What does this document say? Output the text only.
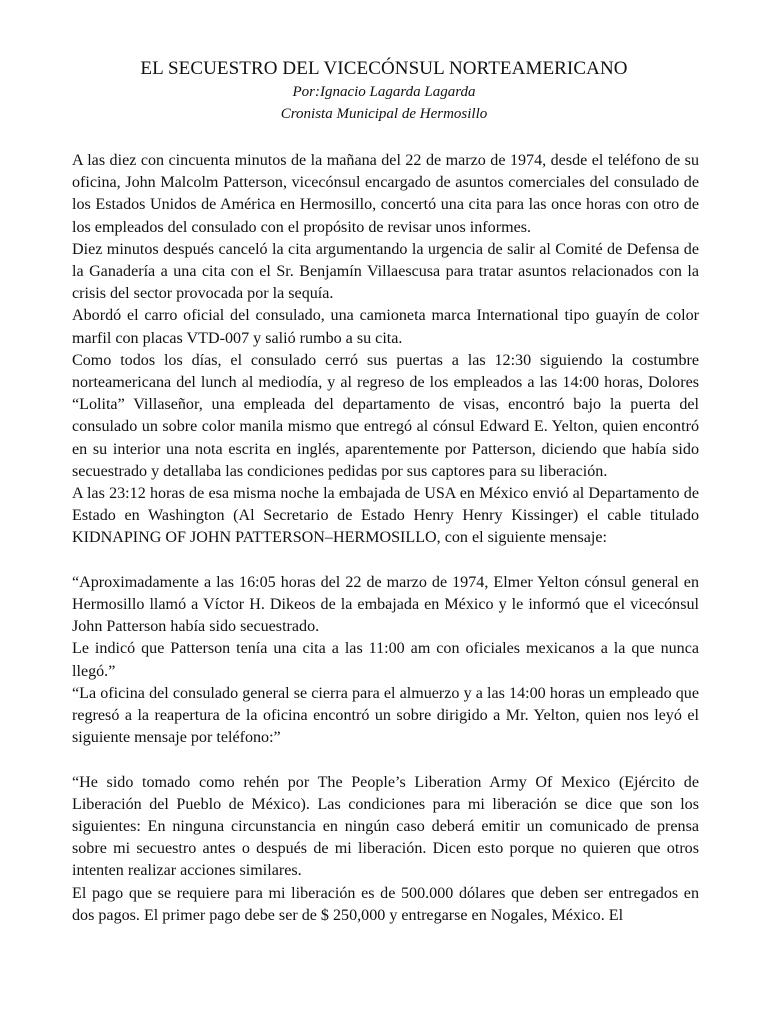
EL SECUESTRO DEL VICECÓNSUL NORTEAMERICANO
Por:Ignacio Lagarda Lagarda
Cronista Municipal de Hermosillo

A las diez con cincuenta minutos de la mañana del 22 de marzo de 1974, desde el teléfono de su oficina, John Malcolm Patterson, vicecónsul encargado de asuntos comerciales del consulado de los Estados Unidos de América en Hermosillo, concertó una cita para las once horas con otro de los empleados del consulado con el propósito de revisar unos informes.

Diez minutos después canceló la cita argumentando la urgencia de salir al Comité de Defensa de la Ganadería a una cita con el Sr. Benjamín Villaescusa para tratar asuntos relacionados con la crisis del sector provocada por la sequía.

Abordó el carro oficial del consulado, una camioneta marca International tipo guayín de color marfil con placas VTD-007 y salió rumbo a su cita.

Como todos los días, el consulado cerró sus puertas a las 12:30 siguiendo la costumbre norteamericana del lunch al mediodía, y al regreso de los empleados a las 14:00 horas, Dolores “Lolita” Villaseñor, una empleada del departamento de visas, encontró bajo la puerta del consulado un sobre color manila mismo que entregó al cónsul Edward E. Yelton, quien encontró en su interior una nota escrita en inglés, aparentemente por Patterson, diciendo que había sido secuestrado y detallaba las condiciones pedidas por sus captores para su liberación.

A las 23:12 horas de esa misma noche la embajada de USA en México envió al Departamento de Estado en Washington (Al Secretario de Estado Henry Henry Kissinger) el cable titulado KIDNAPING OF JOHN PATTERSON–HERMOSILLO, con el siguiente mensaje:

“Aproximadamente a las 16:05 horas del 22 de marzo de 1974, Elmer Yelton cónsul general en Hermosillo llamó a Víctor H. Dikeos de la embajada en México y le informó que el vicecónsul John Patterson había sido secuestrado.

Le indicó que Patterson tenía una cita a las 11:00 am con oficiales mexicanos a la que nunca llegó.”

“La oficina del consulado general se cierra para el almuerzo y a las 14:00 horas un empleado que regresó a la reapertura de la oficina encontró un sobre dirigido a Mr. Yelton, quien nos leyó el siguiente mensaje por teléfono:”

“He sido tomado como rehén por The People’s Liberation Army Of Mexico (Ejército de Liberación del Pueblo de México). Las condiciones para mi liberación se dice que son los siguientes: En ninguna circunstancia en ningún caso deberá emitir un comunicado de prensa sobre mi secuestro antes o después de mi liberación. Dicen esto porque no quieren que otros intenten realizar acciones similares.

El pago que se requiere para mi liberación es de 500.000 dólares que deben ser entregados en dos pagos. El primer pago debe ser de $ 250,000 y entregarse en Nogales, México. El
